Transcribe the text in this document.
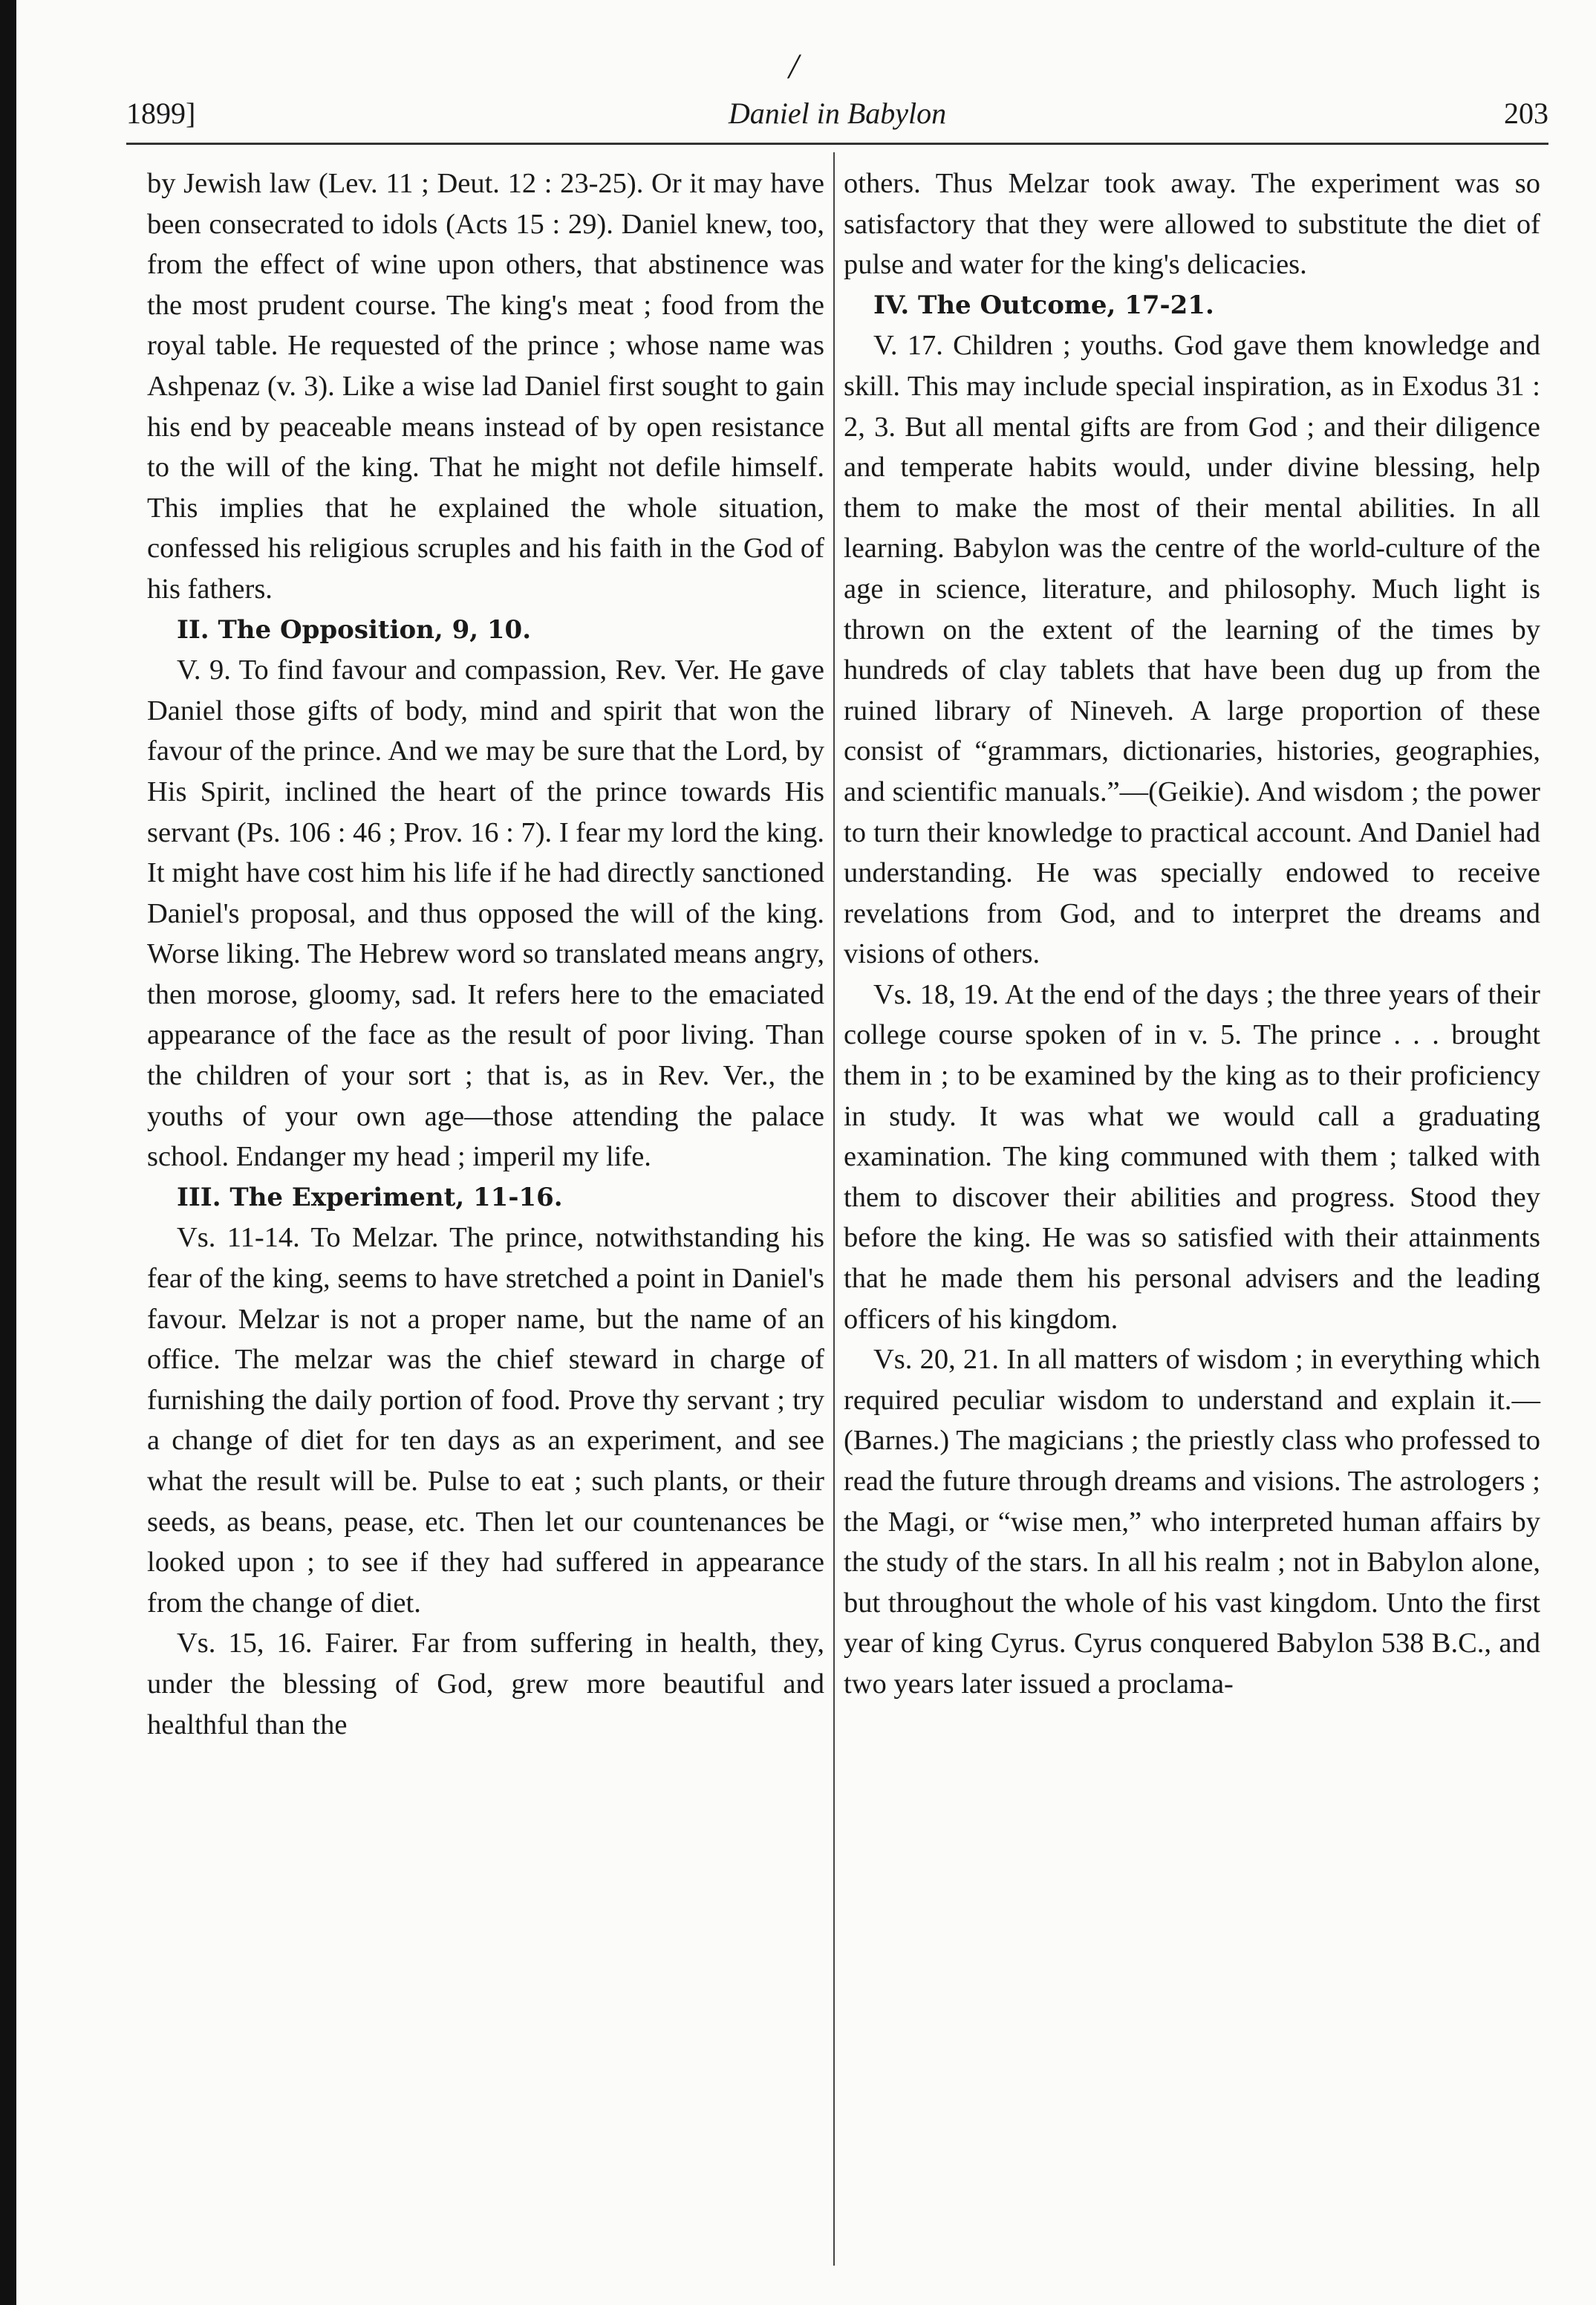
/
1899]	Daniel in Babylon	203

by Jewish law (Lev. 11 ; Deut. 12 : 23-25). Or it may have been consecrated to idols (Acts 15 : 29). Daniel knew, too, from the effect of wine upon others, that abstinence was the most prudent course. The king's meat ; food from the royal table. He requested of the prince ; whose name was Ashpenaz (v. 3). Like a wise lad Daniel first sought to gain his end by peaceable means instead of by open resistance to the will of the king. That he might not defile himself. This implies that he explained the whole situation, confessed his religious scruples and his faith in the God of his fathers.

II. The Opposition, 9, 10.

V. 9. To find favour and compassion, Rev. Ver. He gave Daniel those gifts of body, mind and spirit that won the favour of the prince. And we may be sure that the Lord, by His Spirit, inclined the heart of the prince towards His servant (Ps. 106 : 46 ; Prov. 16 : 7). I fear my lord the king. It might have cost him his life if he had directly sanctioned Daniel's proposal, and thus opposed the will of the king. Worse liking. The Hebrew word so translated means angry, then morose, gloomy, sad. It refers here to the emaciated appearance of the face as the result of poor living. Than the children of your sort ; that is, as in Rev. Ver., the youths of your own age—those attending the palace school. Endanger my head ; imperil my life.

III. The Experiment, 11-16.

Vs. 11-14. To Melzar. The prince, notwithstanding his fear of the king, seems to have stretched a point in Daniel's favour. Melzar is not a proper name, but the name of an office. The melzar was the chief steward in charge of furnishing the daily portion of food. Prove thy servant ; try a change of diet for ten days as an experiment, and see what the result will be. Pulse to eat ; such plants, or their seeds, as beans, pease, etc. Then let our countenances be looked upon ; to see if they had suffered in appearance from the change of diet.

Vs. 15, 16. Fairer. Far from suffering in health, they, under the blessing of God, grew more beautiful and healthful than the

others. Thus Melzar took away. The experiment was so satisfactory that they were allowed to substitute the diet of pulse and water for the king's delicacies.

IV. The Outcome, 17-21.

V. 17. Children ; youths. God gave them knowledge and skill. This may include special inspiration, as in Exodus 31 : 2, 3. But all mental gifts are from God ; and their diligence and temperate habits would, under divine blessing, help them to make the most of their mental abilities. In all learning. Babylon was the centre of the world-culture of the age in science, literature, and philosophy. Much light is thrown on the extent of the learning of the times by hundreds of clay tablets that have been dug up from the ruined library of Nineveh. A large proportion of these consist of “grammars, dictionaries, histories, geographies, and scientific manuals.”—(Geikie). And wisdom ; the power to turn their knowledge to practical account. And Daniel had understanding. He was specially endowed to receive revelations from God, and to interpret the dreams and visions of others.

Vs. 18, 19. At the end of the days ; the three years of their college course spoken of in v. 5. The prince . . . brought them in ; to be examined by the king as to their proficiency in study. It was what we would call a graduating examination. The king communed with them ; talked with them to discover their abilities and progress. Stood they before the king. He was so satisfied with their attainments that he made them his personal advisers and the leading officers of his kingdom.

Vs. 20, 21. In all matters of wisdom ; in everything which required peculiar wisdom to understand and explain it.—(Barnes.) The magicians ; the priestly class who professed to read the future through dreams and visions. The astrologers ; the Magi, or “wise men,” who interpreted human affairs by the study of the stars. In all his realm ; not in Babylon alone, but throughout the whole of his vast kingdom. Unto the first year of king Cyrus. Cyrus conquered Babylon 538 B.C., and two years later issued a proclama-
